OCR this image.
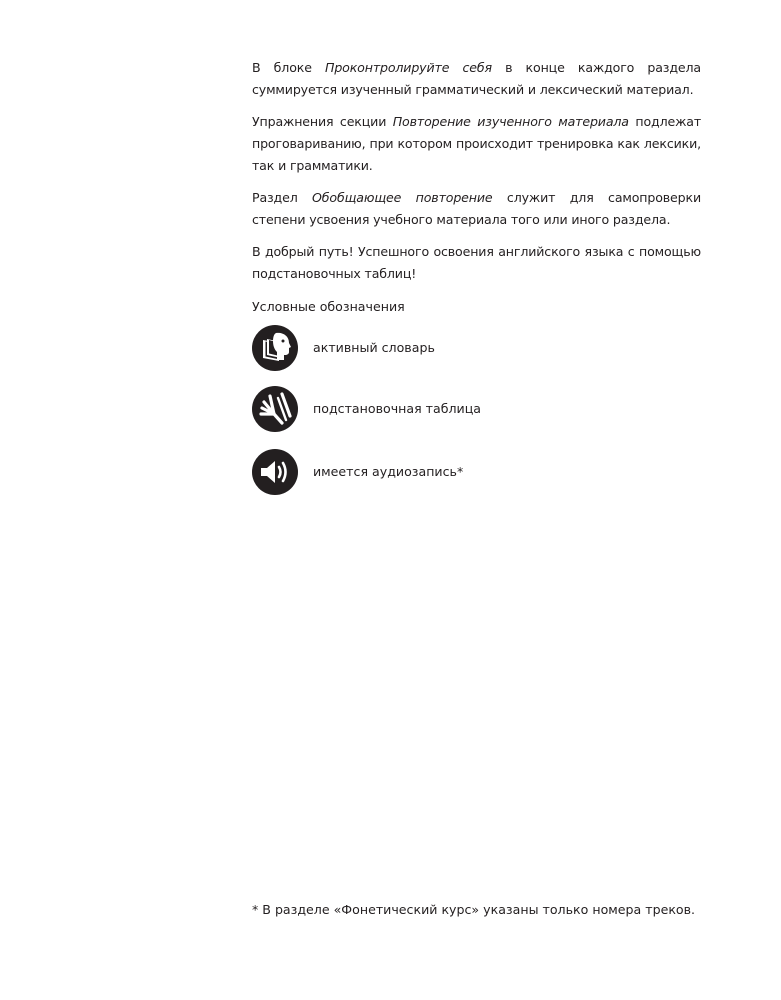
В блоке Проконтролируйте себя в конце каждого раздела суммируется изученный грамматический и лексический материал.

Упражнения секции Повторение изученного материала подлежат проговариванию, при котором происходит тренировка как лексики, так и грамматики.

Раздел Обобщающее повторение служит для самопроверки степени усвоения учебного материала того или иного раздела.

В добрый путь! Успешного освоения английского языка с помощью подстановочных таблиц!

Условные обозначения
активный словарь
подстановочная таблица
имеется аудиозапись*
* В разделе «Фонетический курс» указаны только номера треков.
